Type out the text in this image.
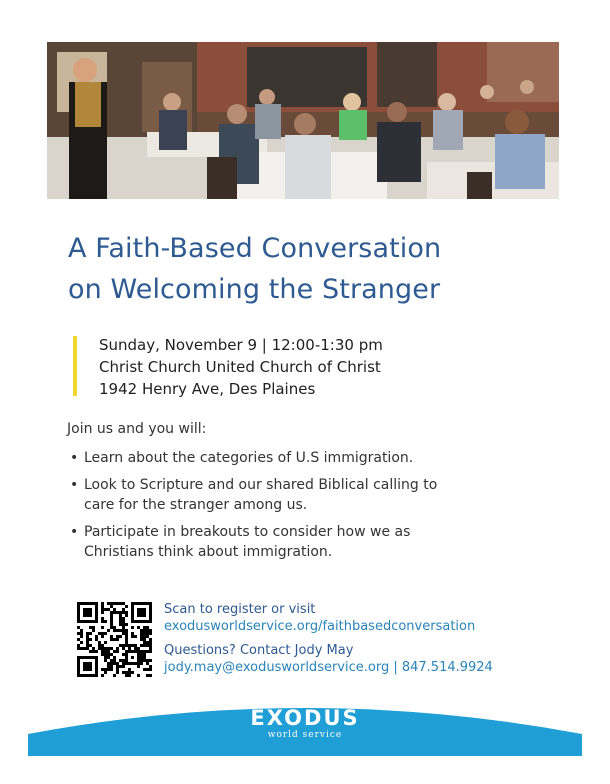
A Faith-Based Conversation
on Welcoming the Stranger
Sunday, November 9 | 12:00-1:30 pm
Christ Church United Church of Christ
1942 Henry Ave, Des Plaines
Join us and you will:
• Learn about the categories of U.S immigration.
• Look to Scripture and our shared Biblical calling to
care for the stranger among us.
• Participate in breakouts to consider how we as
Christians think about immigration.
Scan to register or visit
exodusworldservice.org/faithbasedconversation
Questions? Contact Jody May
jody.may@exodusworldservice.org | 847.514.9924
EXODUS
world service
